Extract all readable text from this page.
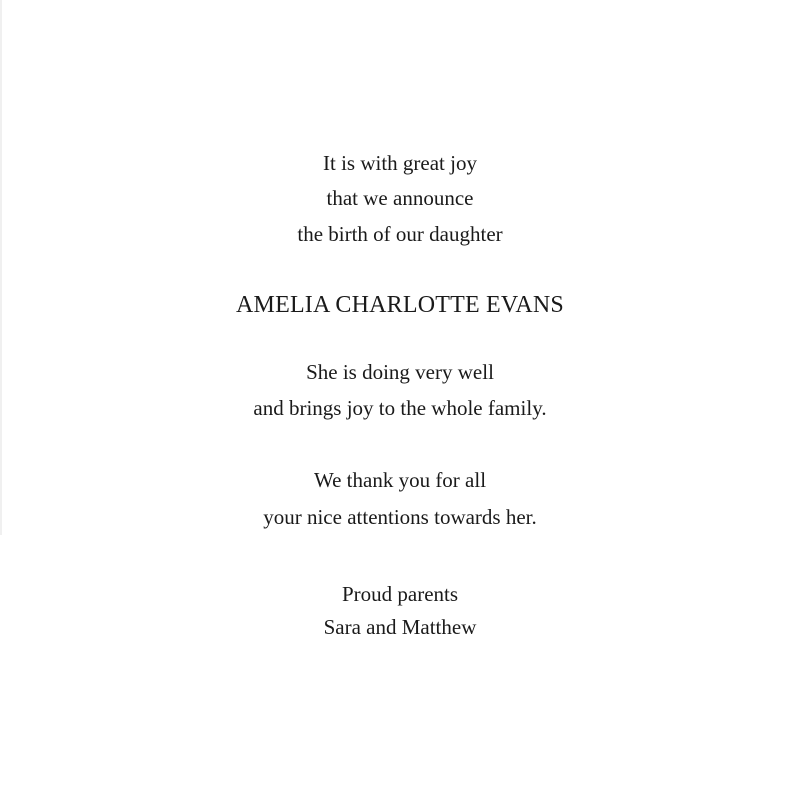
It is with great joy
that we announce
the birth of our daughter
AMELIA CHARLOTTE EVANS
She is doing very well
and brings joy to the whole family.
We thank you for all
your nice attentions towards her.
Proud parents
Sara and Matthew
